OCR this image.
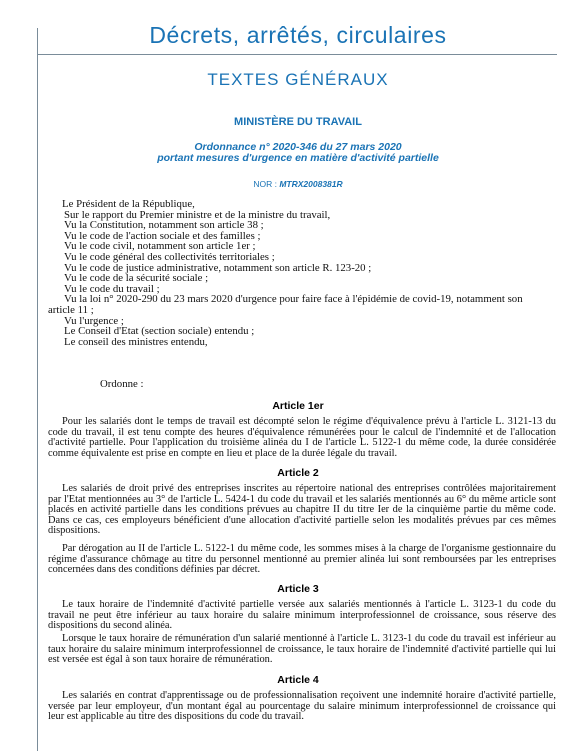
Décrets, arrêtés, circulaires
TEXTES GÉNÉRAUX
MINISTÈRE DU TRAVAIL
Ordonnance n° 2020-346 du 27 mars 2020
portant mesures d'urgence en matière d'activité partielle
NOR : MTRX2008381R
Le Président de la République,
Sur le rapport du Premier ministre et de la ministre du travail,
Vu la Constitution, notamment son article 38 ;
Vu le code de l'action sociale et des familles ;
Vu le code civil, notamment son article 1er ;
Vu le code général des collectivités territoriales ;
Vu le code de justice administrative, notamment son article R. 123-20 ;
Vu le code de la sécurité sociale ;
Vu le code du travail ;
Vu la loi n° 2020-290 du 23 mars 2020 d'urgence pour faire face à l'épidémie de covid-19, notamment son
article 11 ;
Vu l'urgence ;
Le Conseil d'Etat (section sociale) entendu ;
Le conseil des ministres entendu,
Ordonne :
Article 1er
Pour les salariés dont le temps de travail est décompté selon le régime d'équivalence prévu à l'article L. 3121-13 du code du travail, il est tenu compte des heures d'équivalence rémunérées pour le calcul de l'indemnité et de l'allocation d'activité partielle. Pour l'application du troisième alinéa du I de l'article L. 5122-1 du même code, la durée considérée comme équivalente est prise en compte en lieu et place de la durée légale du travail.
Article 2
Les salariés de droit privé des entreprises inscrites au répertoire national des entreprises contrôlées majoritairement par l'Etat mentionnées au 3° de l'article L. 5424-1 du code du travail et les salariés mentionnés au 6° du même article sont placés en activité partielle dans les conditions prévues au chapitre II du titre Ier de la cinquième partie du même code. Dans ce cas, ces employeurs bénéficient d'une allocation d'activité partielle selon les modalités prévues par ces mêmes dispositions.
Par dérogation au II de l'article L. 5122-1 du même code, les sommes mises à la charge de l'organisme gestionnaire du régime d'assurance chômage au titre du personnel mentionné au premier alinéa lui sont remboursées par les entreprises concernées dans des conditions définies par décret.
Article 3
Le taux horaire de l'indemnité d'activité partielle versée aux salariés mentionnés à l'article L. 3123-1 du code du travail ne peut être inférieur au taux horaire du salaire minimum interprofessionnel de croissance, sous réserve des dispositions du second alinéa.
Lorsque le taux horaire de rémunération d'un salarié mentionné à l'article L. 3123-1 du code du travail est inférieur au taux horaire du salaire minimum interprofessionnel de croissance, le taux horaire de l'indemnité d'activité partielle qui lui est versée est égal à son taux horaire de rémunération.
Article 4
Les salariés en contrat d'apprentissage ou de professionnalisation reçoivent une indemnité horaire d'activité partielle, versée par leur employeur, d'un montant égal au pourcentage du salaire minimum interprofessionnel de croissance qui leur est applicable au titre des dispositions du code du travail.
